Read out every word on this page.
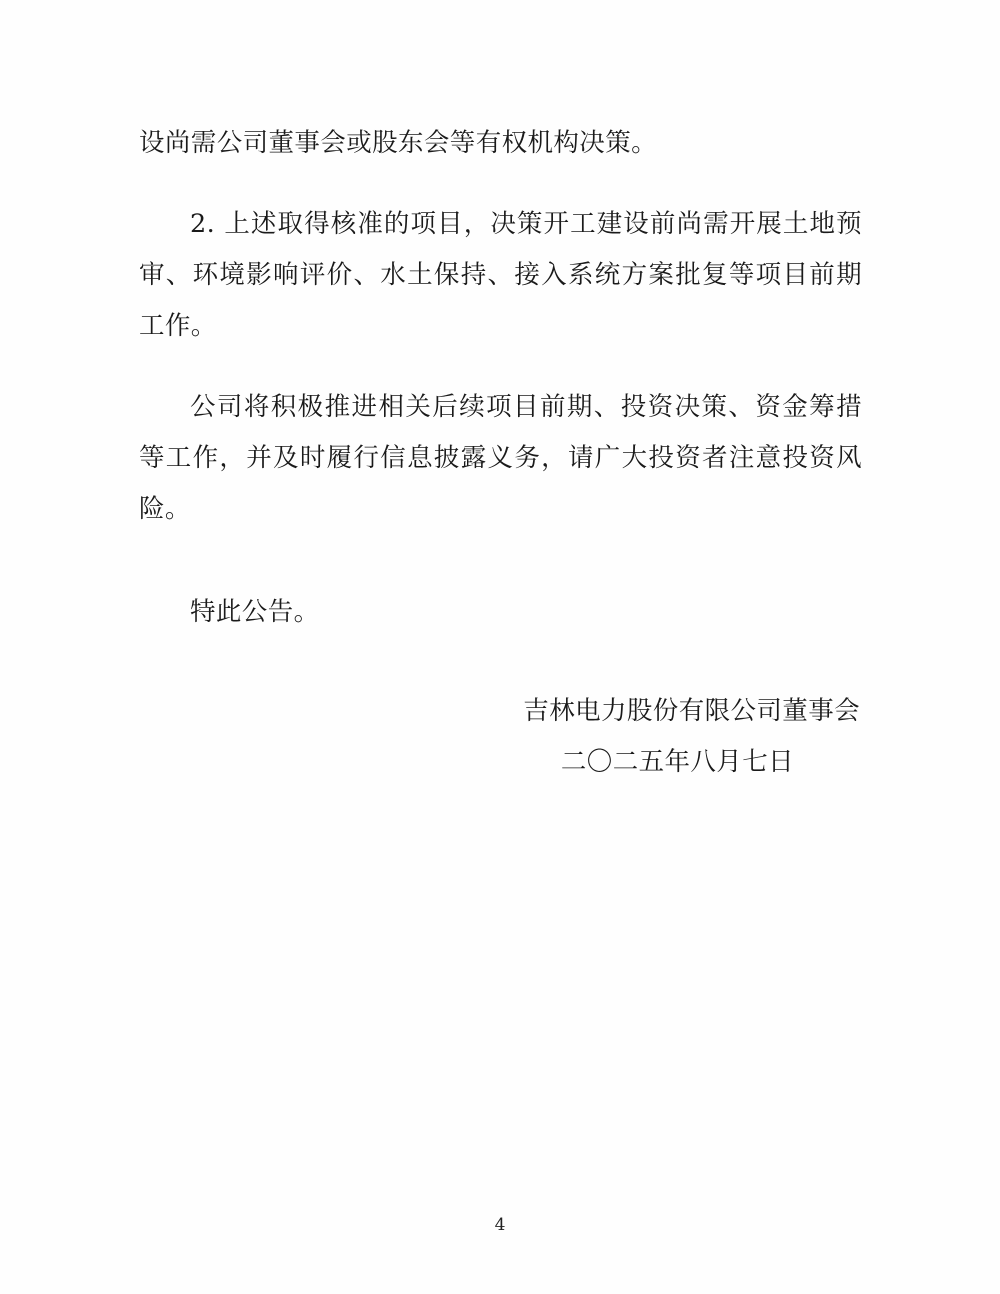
设尚需公司董事会或股东会等有权机构决策。

2. 上述取得核准的项目，决策开工建设前尚需开展土地预审、环境影响评价、水土保持、接入系统方案批复等项目前期工作。

公司将积极推进相关后续项目前期、投资决策、资金筹措等工作，并及时履行信息披露义务，请广大投资者注意投资风险。

特此公告。

吉林电力股份有限公司董事会
二〇二五年八月七日
4
